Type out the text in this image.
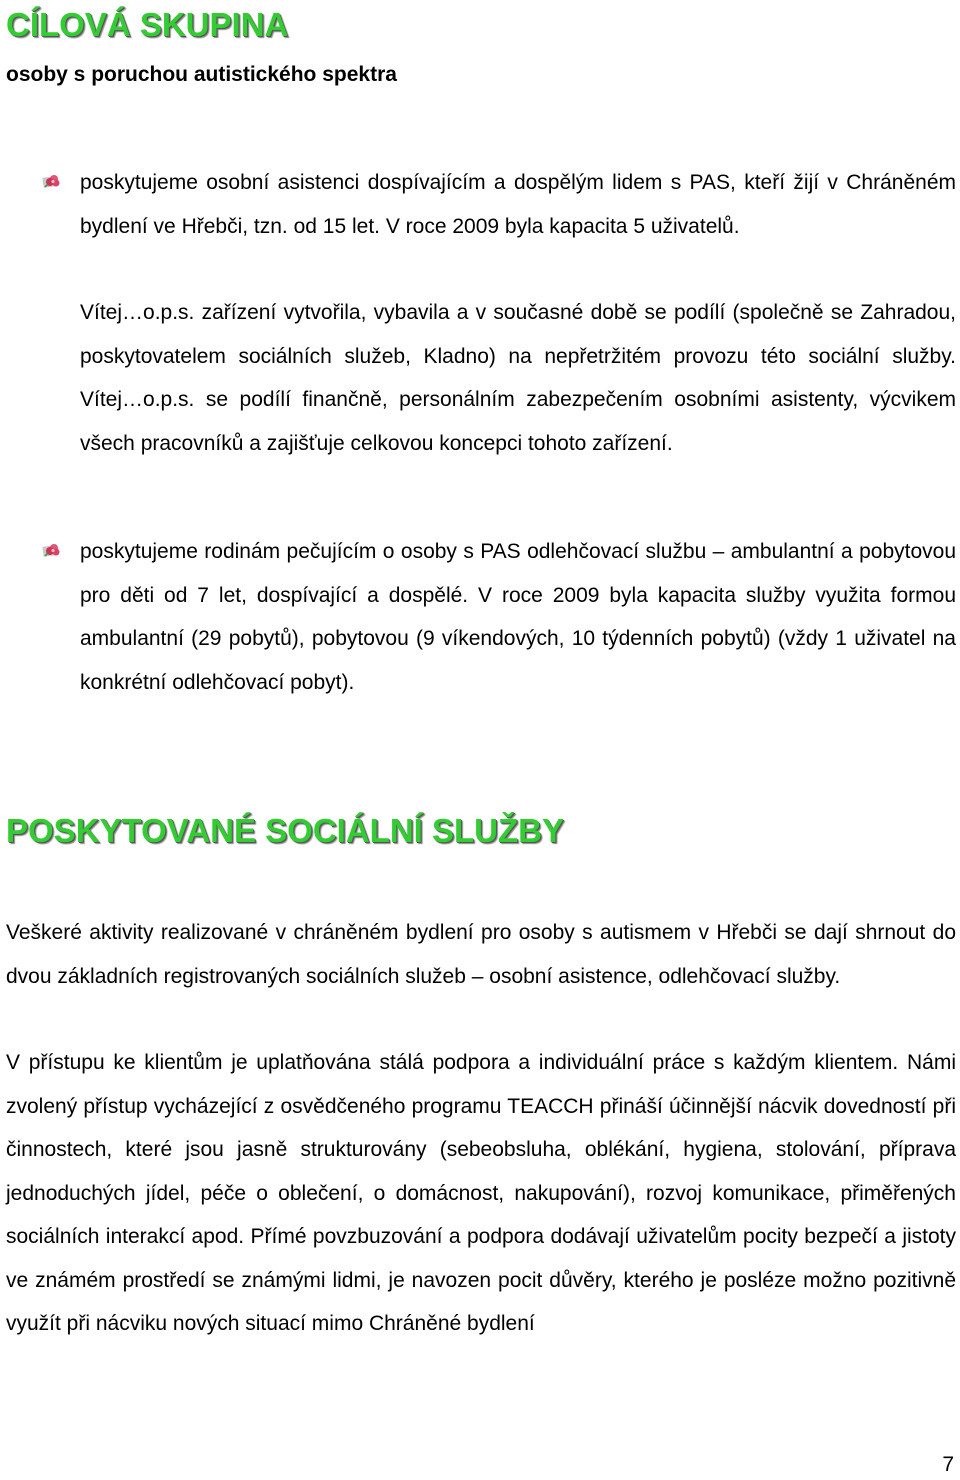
CÍLOVÁ SKUPINA

osoby s poruchou autistického spektra

poskytujeme osobní asistenci dospívajícím a dospělým lidem s PAS, kteří žijí v Chráněném bydlení ve Hřebči, tzn. od 15 let. V roce 2009 byla kapacita 5 uživatelů.

Vítej…o.p.s. zařízení vytvořila, vybavila a v současné době se podílí (společně se Zahradou, poskytovatelem sociálních služeb, Kladno) na nepřetržitém provozu této sociální služby. Vítej…o.p.s. se podílí finančně, personálním zabezpečením osobními asistenty, výcvikem všech pracovníků a zajišťuje celkovou koncepci tohoto zařízení.

poskytujeme rodinám pečujícím o osoby s PAS odlehčovací službu – ambulantní a pobytovou pro děti od 7 let, dospívající a dospělé. V roce 2009 byla kapacita služby využita formou ambulantní (29 pobytů), pobytovou (9 víkendových, 10 týdenních pobytů) (vždy 1 uživatel na konkrétní odlehčovací pobyt).

POSKYTOVANÉ SOCIÁLNÍ SLUŽBY

Veškeré aktivity realizované v chráněném bydlení pro osoby s autismem v Hřebči se dají shrnout do dvou základních registrovaných sociálních služeb – osobní asistence, odlehčovací služby.

V přístupu ke klientům je uplatňována stálá podpora a individuální práce s každým klientem. Námi zvolený přístup vycházející z osvědčeného programu TEACCH přináší účinnější nácvik dovedností při činnostech, které jsou jasně strukturovány (sebeobsluha, oblékání, hygiena, stolování, příprava jednoduchých jídel, péče o oblečení, o domácnost, nakupování), rozvoj komunikace, přiměřených sociálních interakcí apod. Přímé povzbuzování a podpora dodávají uživatelům pocity bezpečí a jistoty ve známém prostředí se známými lidmi, je navozen pocit důvěry, kterého je posléze možno pozitivně využít při nácviku nových situací mimo Chráněné bydlení

7
